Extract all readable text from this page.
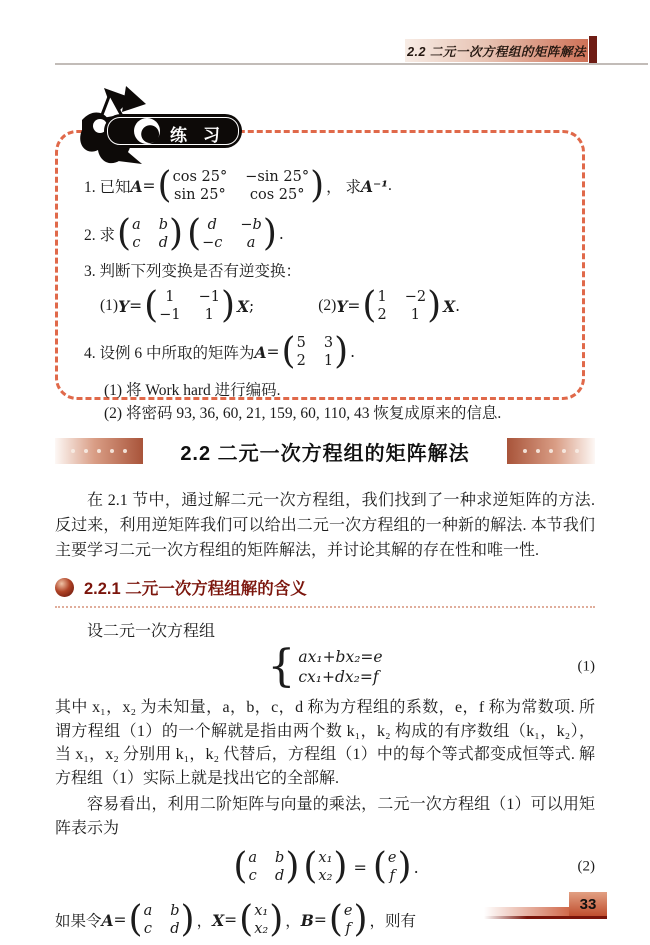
2.2 二元一次方程组的矩阵解法
练习
1. 已知 A = ( cos 25° −sin 25°
sin 25°	cos 25°
) ， 求 A⁻¹ .
2. 求
( a b
c d
)
( d	−b
−c	a
)	.
3. 判断下列变换是否有逆变换：
(1) Y =	( 1	−1
−1	1
)	X ;	(2) Y = ( 1 −2
2	1
)	X .
4. 设例 6 中所取的矩阵为 A = ( 5 3
2 1
) .
(1) 将 Work hard 进行编码.
(2) 将密码 93, 36, 60, 21, 159, 60, 110, 43 恢复成原来的信息.
2.2 二元一次方程组的矩阵解法
在 2.1 节中，通过解二元一次方程组，我们找到了一种求逆矩阵的方法. 反过来，利用逆矩阵我们可以给出二元一次方程组的一种新的解法. 本节我们主要学习二元一次方程组的矩阵解法，并讨论其解的存在性和唯一性.
2.2.1 二元一次方程组解的含义
设二元一次方程组
{ ax₁+bx₂=e
cx₁+dx₂=f
(1)
其中 x₁，x₂ 为未知量，a，b，c，d 称为方程组的系数，e，f 称为常数项. 所谓方程组（1）的一个解就是指由两个数 k₁，k₂ 构成的有序数组（k₁，k₂），当 x₁，x₂ 分别用 k₁，k₂ 代替后，方程组（1）中的每个等式都变成恒等式. 解方程组（1）实际上就是找出它的全部解.
容易看出，利用二阶矩阵与向量的乘法，二元一次方程组（1）可以用矩阵表示为
( a b
c d
)
( x₁
x₂
) = ( e
f
) .	(2)
如果令 A = ( a b
c d
) ， X = ( x₁
x₂
) ， B = ( e
f
) ，则有
33
